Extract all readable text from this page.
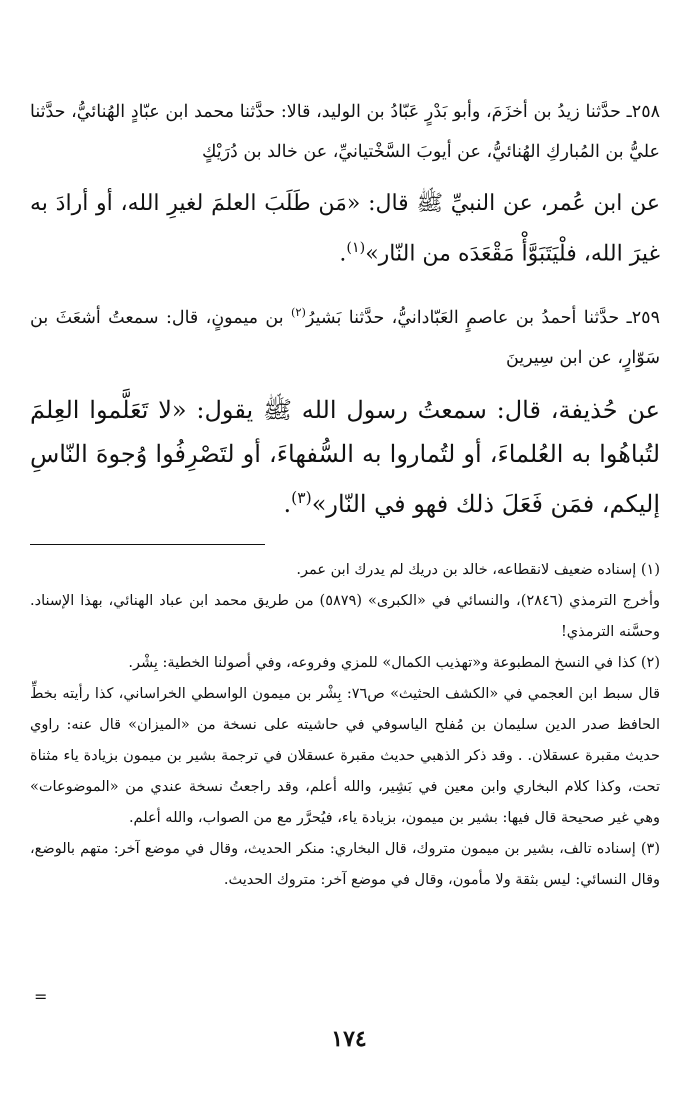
٢٥٨ـ حدَّثنا زيدُ بن أخزَمَ، وأبو بَدْرٍ عَبّادُ بن الوليد، قالا: حدَّثنا محمد ابن عبّادٍ الهُنائيُّ، حدَّثنا عليُّ بن المُباركِ الهُنائيُّ، عن أيوبَ السَّخْتيانيِّ، عن خالد بن دُرَيْكٍ

عن ابن عُمر، عن النبيِّ ﷺ قال: «مَن طَلَبَ العلمَ لغيرِ الله، أو أرادَ به غيرَ الله، فلْيَتَبَوَّأْ مَقْعَدَه من النّار»$^{(١)}$.

٢٥٩ـ حدَّثنا أحمدُ بن عاصمٍ العَبّادانيُّ، حدَّثنا بَشيرُ$^{(٢)}$ بن ميمونٍ، قال: سمعتُ أشعَثَ بن سَوّارٍ، عن ابن سِيرينَ

عن حُذيفة، قال: سمعتُ رسول الله ﷺ يقول: «لا تَعَلَّموا العِلمَ لتُباهُوا به العُلماءَ، أو لتُماروا به السُّفهاءَ، أو لتَصْرِفُوا وُجوهَ النّاسِ إليكم، فمَن فَعَلَ ذلك فهو في النّار»$^{(٣)}$.

(١) إسناده ضعيف لانقطاعه، خالد بن دريك لم يدرك ابن عمر.

وأخرج الترمذي (٢٨٤٦)، والنسائي في «الكبرى» (٥٨٧٩) من طريق محمد ابن عباد الهنائي، بهذا الإسناد. وحسَّنه الترمذي!

(٢) كذا في النسخ المطبوعة و«تهذيب الكمال» للمزي وفروعه، وفي أصولنا الخطية: بِشْر.

قال سبط ابن العجمي في «الكشف الحثيث» ص٧٦: بِشْر بن ميمون الواسطي الخراساني، كذا رأيته بخطِّ الحافظ صدر الدين سليمان بن مُفلح الياسوفي في حاشيته على نسخة من «الميزان» قال عنه: راوي حديث مقبرة عسقلان. . وقد ذكر الذهبي حديث مقبرة عسقلان في ترجمة بشير بن ميمون بزيادة ياء مثناة تحت، وكذا كلام البخاري وابن معين في بَشِير، والله أعلم، وقد راجعتُ نسخة عندي من «الموضوعات» وهي غير صحيحة قال فيها: بشير بن ميمون، بزيادة ياء، فيُحرَّر مع من الصواب، والله أعلم.

(٣) إسناده تالف، بشير بن ميمون متروك، قال البخاري: منكر الحديث، وقال في موضع آخر: متهم بالوضع، وقال النسائي: ليس بثقة ولا مأمون، وقال في موضع آخر: متروك الحديث.

=
١٧٤
